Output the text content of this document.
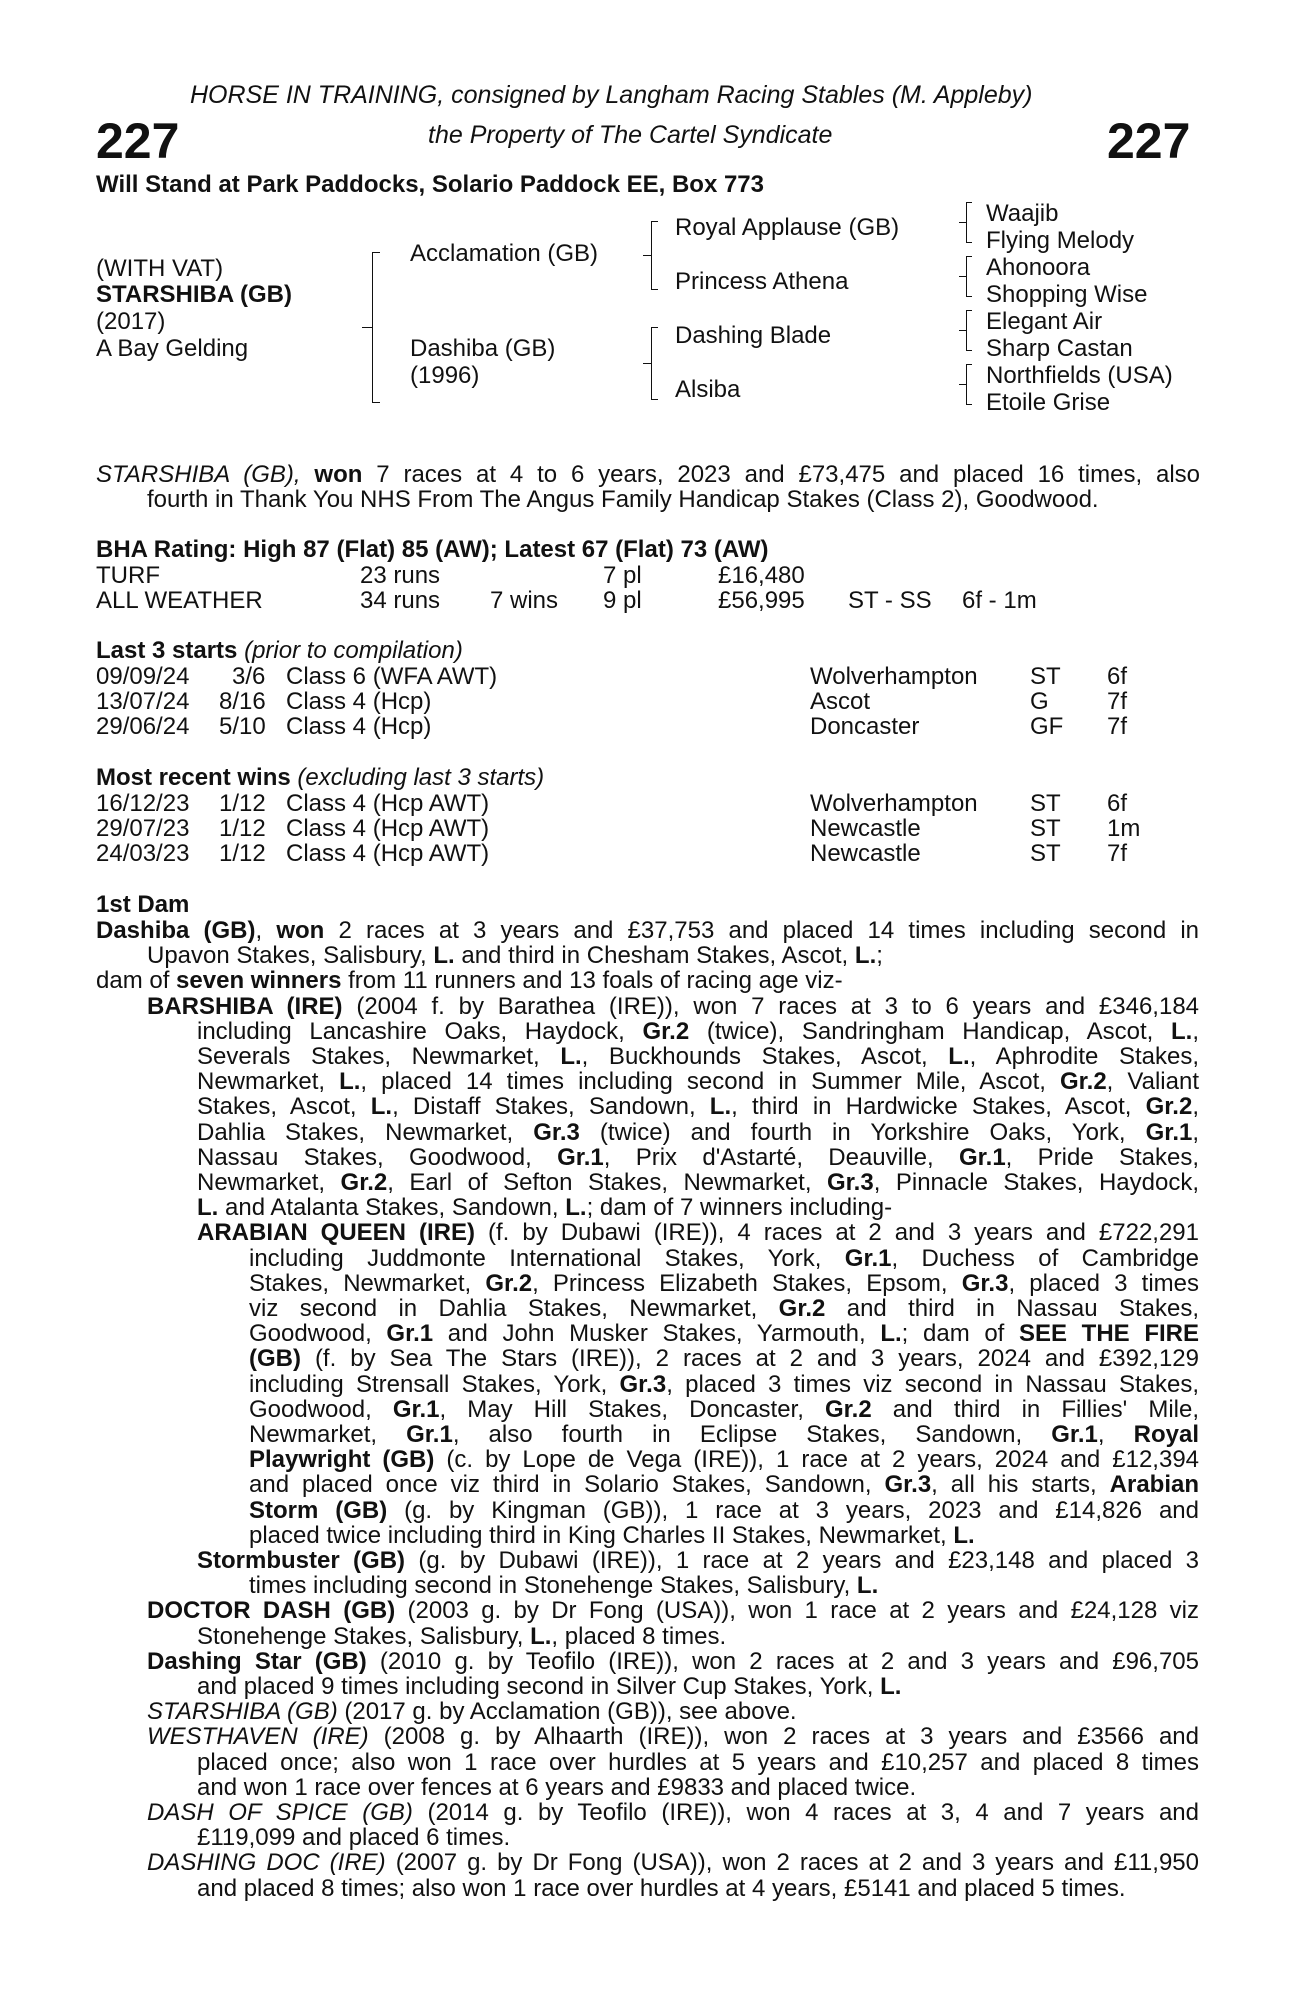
HORSE IN TRAINING, consigned by Langham Racing Stables (M. Appleby)
227	the Property of The Cartel Syndicate	227
Will Stand at Park Paddocks, Solario Paddock EE, Box 773
(WITH VAT)
STARSHIBA (GB)
(2017)
A Bay Gelding
Acclamation (GB)
Dashiba (GB)
(1996)
Royal Applause (GB)
Princess Athena
Dashing Blade
Alsiba
Waajib
Flying Melody
Ahonoora
Shopping Wise
Elegant Air
Sharp Castan
Northfields (USA)
Etoile Grise
STARSHIBA (GB), won 7 races at 4 to 6 years, 2023 and £73,475 and placed 16 times, also
fourth in Thank You NHS From The Angus Family Handicap Stakes (Class 2), Goodwood.
BHA Rating: High 87 (Flat) 85 (AW); Latest 67 (Flat) 73 (AW)
TURF	23 runs	7 pl	£16,480
ALL WEATHER	34 runs 7 wins 9 pl	£56,995 ST - SS 6f - 1m
Last 3 starts (prior to compilation)
09/09/24 3/6 Class 6 (WFA AWT)	Wolverhampton ST 6f
13/07/24 8/16 Class 4 (Hcp)	Ascot	G 7f
29/06/24 5/10 Class 4 (Hcp)	Doncaster	GF 7f
Most recent wins (excluding last 3 starts)
16/12/23 1/12 Class 4 (Hcp AWT)	Wolverhampton ST 6f
29/07/23 1/12 Class 4 (Hcp AWT)	Newcastle	ST 1m
24/03/23 1/12 Class 4 (Hcp AWT)	Newcastle	ST 7f
1st Dam
Dashiba (GB), won 2 races at 3 years and £37,753 and placed 14 times including second in
Upavon Stakes, Salisbury, L. and third in Chesham Stakes, Ascot, L.;
dam of seven winners from 11 runners and 13 foals of racing age viz-
BARSHIBA (IRE) (2004 f. by Barathea (IRE)), won 7 races at 3 to 6 years and £346,184
including Lancashire Oaks, Haydock, Gr.2 (twice), Sandringham Handicap, Ascot, L.,
Severals Stakes, Newmarket, L., Buckhounds Stakes, Ascot, L., Aphrodite Stakes,
Newmarket, L., placed 14 times including second in Summer Mile, Ascot, Gr.2, Valiant
Stakes, Ascot, L., Distaff Stakes, Sandown, L., third in Hardwicke Stakes, Ascot, Gr.2,
Dahlia Stakes, Newmarket, Gr.3 (twice) and fourth in Yorkshire Oaks, York, Gr.1,
Nassau Stakes, Goodwood, Gr.1, Prix d'Astarté, Deauville, Gr.1, Pride Stakes,
Newmarket, Gr.2, Earl of Sefton Stakes, Newmarket, Gr.3, Pinnacle Stakes, Haydock,
L. and Atalanta Stakes, Sandown, L.; dam of 7 winners including-
ARABIAN QUEEN (IRE) (f. by Dubawi (IRE)), 4 races at 2 and 3 years and £722,291
including Juddmonte International Stakes, York, Gr.1, Duchess of Cambridge
Stakes, Newmarket, Gr.2, Princess Elizabeth Stakes, Epsom, Gr.3, placed 3 times
viz second in Dahlia Stakes, Newmarket, Gr.2 and third in Nassau Stakes,
Goodwood, Gr.1 and John Musker Stakes, Yarmouth, L.; dam of SEE THE FIRE
(GB) (f. by Sea The Stars (IRE)), 2 races at 2 and 3 years, 2024 and £392,129
including Strensall Stakes, York, Gr.3, placed 3 times viz second in Nassau Stakes,
Goodwood, Gr.1, May Hill Stakes, Doncaster, Gr.2 and third in Fillies' Mile,
Newmarket, Gr.1, also fourth in Eclipse Stakes, Sandown, Gr.1, Royal
Playwright (GB) (c. by Lope de Vega (IRE)), 1 race at 2 years, 2024 and £12,394
and placed once viz third in Solario Stakes, Sandown, Gr.3, all his starts, Arabian
Storm (GB) (g. by Kingman (GB)), 1 race at 3 years, 2023 and £14,826 and
placed twice including third in King Charles II Stakes, Newmarket, L.
Stormbuster (GB) (g. by Dubawi (IRE)), 1 race at 2 years and £23,148 and placed 3
times including second in Stonehenge Stakes, Salisbury, L.
DOCTOR DASH (GB) (2003 g. by Dr Fong (USA)), won 1 race at 2 years and £24,128 viz
Stonehenge Stakes, Salisbury, L., placed 8 times.
Dashing Star (GB) (2010 g. by Teofilo (IRE)), won 2 races at 2 and 3 years and £96,705
and placed 9 times including second in Silver Cup Stakes, York, L.
STARSHIBA (GB) (2017 g. by Acclamation (GB)), see above.
WESTHAVEN (IRE) (2008 g. by Alhaarth (IRE)), won 2 races at 3 years and £3566 and
placed once; also won 1 race over hurdles at 5 years and £10,257 and placed 8 times
and won 1 race over fences at 6 years and £9833 and placed twice.
DASH OF SPICE (GB) (2014 g. by Teofilo (IRE)), won 4 races at 3, 4 and 7 years and
£119,099 and placed 6 times.
DASHING DOC (IRE) (2007 g. by Dr Fong (USA)), won 2 races at 2 and 3 years and £11,950
and placed 8 times; also won 1 race over hurdles at 4 years, £5141 and placed 5 times.
